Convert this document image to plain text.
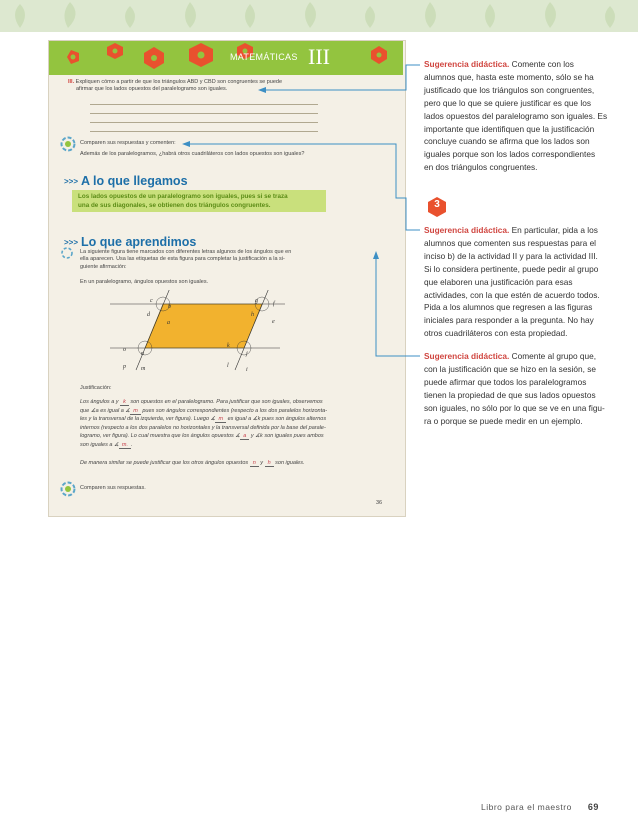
MATEMÁTICAS III
III. Expliquen cómo a partir de que los triángulos ABD y CBD son congruentes se puede
afirmar que los lados opuestos del paralelogramo son iguales.
Comparen sus respuestas y comenten:
Además de los paralelogramos, ¿habrá otros cuadriláteros con lados opuestos son iguales?
>>> A lo que llegamos
Los lados opuestos de un paralelogramo son iguales, pues si se traza
una de sus diagonales, se obtienen dos triángulos congruentes.
>>> Lo que aprendimos
La siguiente figura tiene marcados con diferentes letras algunos de los ángulos que en
ella aparecen. Usa las etiquetas de esta figura para completar la justificación a la si-
guiente afirmación:
En un paralelogramo, ángulos opuestos son iguales.
c
b
g	f
d
a
h
e
o
n
k
j
p	m	l
i
Justificación:
Los ángulos a y k son opuestos en el paralelogramo. Para justificar que son iguales, observemos
que ∡a es igual a ∡ m pues son ángulos correspondientes (respecto a los dos paralelos horizonta-
les y la transversal de la izquierda, ver figura). Luego ∡ m es igual a ∡k pues son ángulos alternos
internos (respecto a los dos paralelos no horizontales y la transversal definida por la base del parale-
logramo, ver figura). Lo cual muestra que los ángulos opuestos ∡ a y ∡k son iguales pues ambos
son iguales a ∡ m. .
De manera similar se puede justificar que los otros ángulos opuestos n y h son iguales.
Comparen sus respuestas.
36
Sugerencia didáctica. Comente con los
alumnos que, hasta este momento, sólo se ha
justificado que los triángulos son congruentes,
pero que lo que se quiere justificar es que los
lados opuestos del paralelogramo son iguales. Es
importante que identifiquen que la justificación
concluye cuando se afirma que los lados son
iguales porque son los lados correspondientes
en dos triángulos congruentes.
3
Sugerencia didáctica. En particular, pida a los
alumnos que comenten sus respuestas para el
inciso b) de la actividad II y para la actividad III.
Si lo considera pertinente, puede pedir al grupo
que elaboren una justificación para esas
actividades, con la que estén de acuerdo todos.
Pida a los alumnos que regresen a las figuras
iniciales para responder a la pregunta. No hay
otros cuadriláteros con esta propiedad.
Sugerencia didáctica. Comente al grupo que,
con la justificación que se hizo en la sesión, se
puede afirmar que todos los paralelogramos
tienen la propiedad de que sus lados opuestos
son iguales, no sólo por lo que se ve en una figu-
ra o porque se puede medir en un ejemplo.
Libro para el maestro 69
